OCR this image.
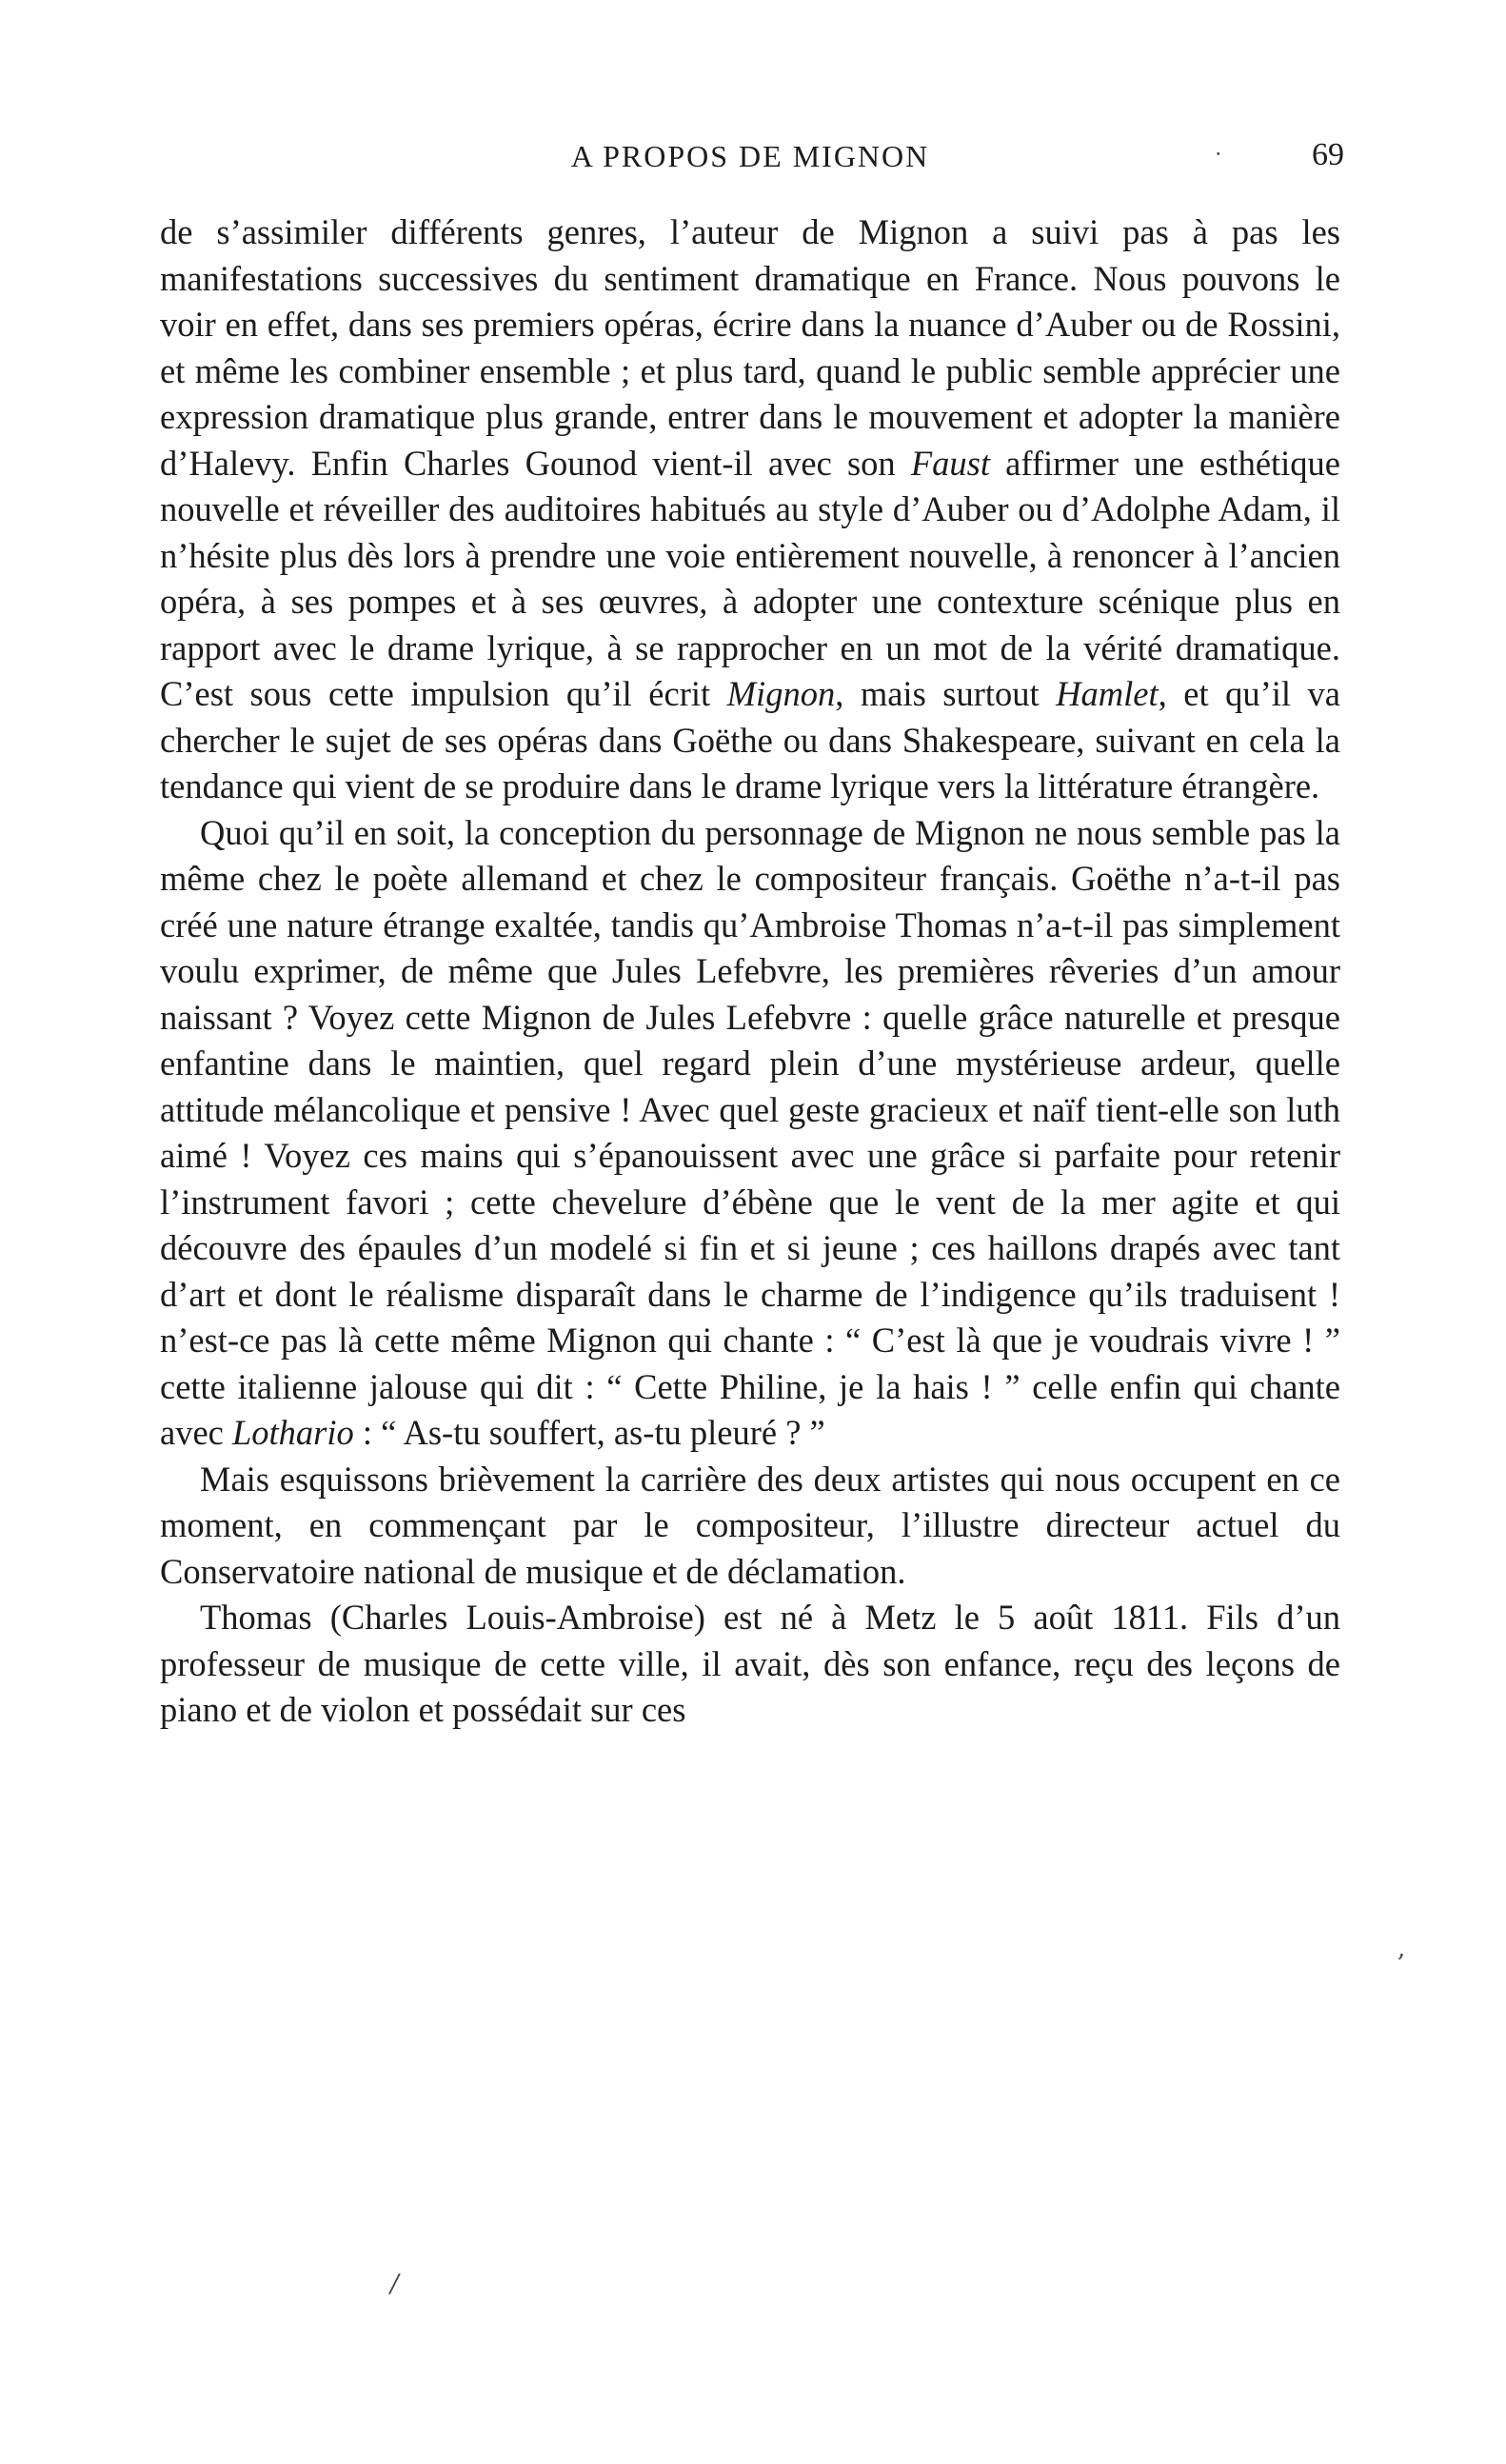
A PROPOS DE MIGNON	·	69

de s’assimiler différents genres, l’auteur de Mignon a suivi pas à pas les manifestations successives du sentiment dramatique en France. Nous pouvons le voir en effet, dans ses premiers opéras, écrire dans la nuance d’Auber ou de Rossini, et même les combiner ensemble ; et plus tard, quand le public semble apprécier une expression dramatique plus grande, entrer dans le mouvement et adopter la manière d’Halevy. Enfin Charles Gounod vient-il avec son Faust affirmer une esthétique nouvelle et réveiller des auditoires habitués au style d’Auber ou d’Adolphe Adam, il n’hésite plus dès lors à prendre une voie entièrement nouvelle, à renoncer à l’ancien opéra, à ses pompes et à ses œuvres, à adopter une contexture scénique plus en rapport avec le drame lyrique, à se rapprocher en un mot de la vérité dramatique. C’est sous cette impulsion qu’il écrit Mignon, mais surtout Hamlet, et qu’il va chercher le sujet de ses opéras dans Goëthe ou dans Shakespeare, suivant en cela la tendance qui vient de se produire dans le drame lyrique vers la littérature étrangère.

Quoi qu’il en soit, la conception du personnage de Mignon ne nous semble pas la même chez le poète allemand et chez le compositeur français. Goëthe n’a-t-il pas créé une nature étrange exaltée, tandis qu’Ambroise Thomas n’a-t-il pas simplement voulu exprimer, de même que Jules Lefebvre, les premières rêveries d’un amour naissant ? Voyez cette Mignon de Jules Lefebvre : quelle grâce naturelle et presque enfantine dans le maintien, quel regard plein d’une mystérieuse ardeur, quelle attitude mélancolique et pensive ! Avec quel geste gracieux et naïf tient-elle son luth aimé ! Voyez ces mains qui s’épanouissent avec une grâce si parfaite pour retenir l’instrument favori ; cette chevelure d’ébène que le vent de la mer agite et qui découvre des épaules d’un modelé si fin et si jeune ; ces haillons drapés avec tant d’art et dont le réalisme disparaît dans le charme de l’indigence qu’ils traduisent ! n’est-ce pas là cette même Mignon qui chante : “ C’est là que je voudrais vivre ! ” cette italienne jalouse qui dit : “ Cette Philine, je la hais ! ” celle enfin qui chante avec Lothario : “ As-tu souffert, as-tu pleuré ? ”

Mais esquissons brièvement la carrière des deux artistes qui nous occupent en ce moment, en commençant par le compositeur, l’illustre directeur actuel du Conservatoire national de musique et de déclamation.

Thomas (Charles Louis-Ambroise) est né à Metz le 5 août 1811. Fils d’un professeur de musique de cette ville, il avait, dès son enfance, reçu des leçons de piano et de violon et possédait sur ces

,
/
